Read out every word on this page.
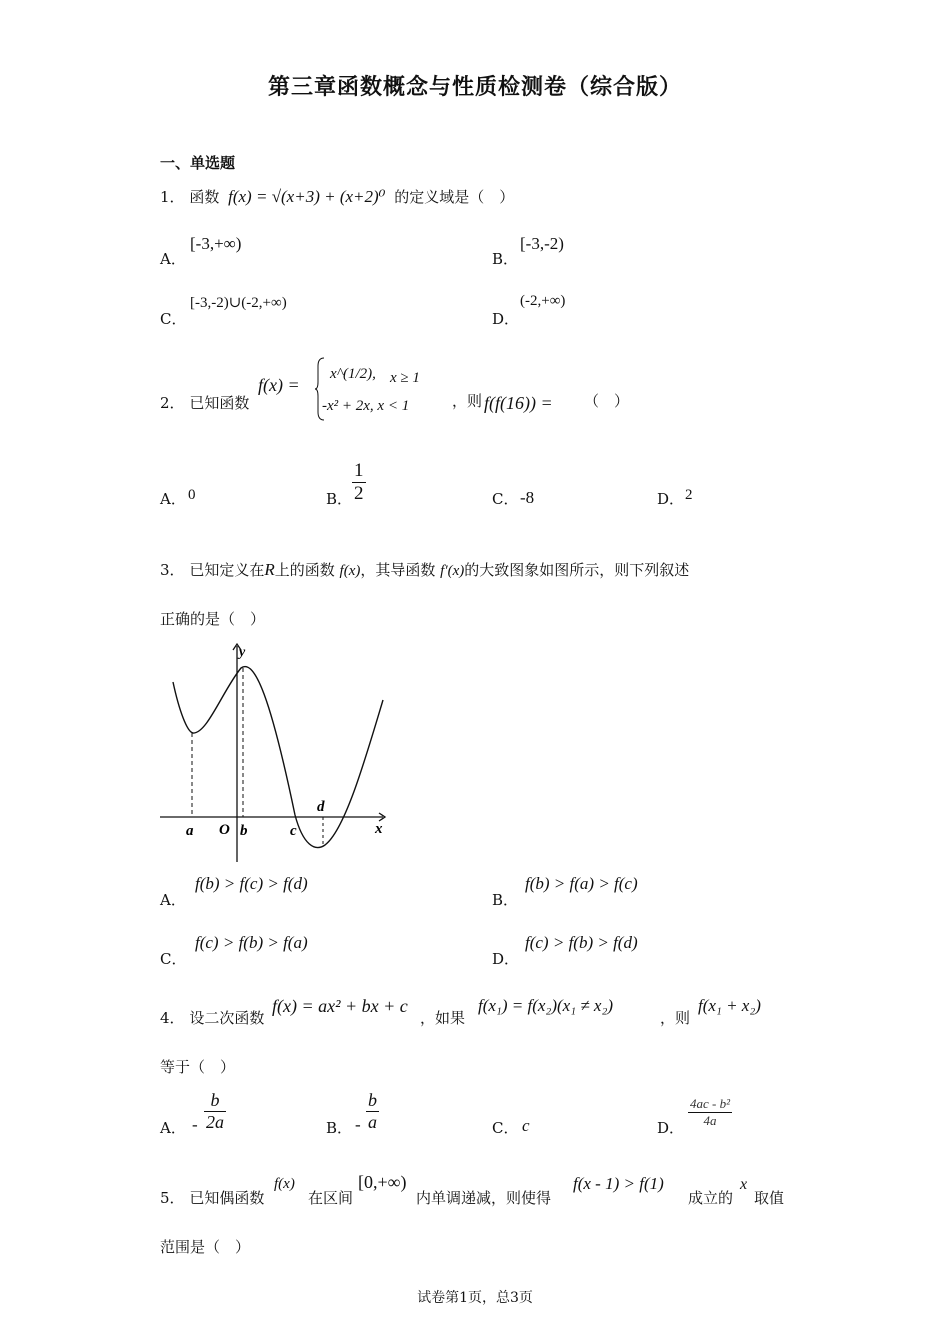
第三章函数概念与性质检测卷（综合版）
一、单选题
1． 函数 f(x) = √(x+3) + (x+2)⁰ 的定义域是（　）
A．
[-3,+∞)
B．
[-3,-2)
C．
[-3,-2)∪(-2,+∞)
D．
(-2,+∞)
2． 已知函数
f(x) =
x^(1/2), x ≥ 1
-x² + 2x, x < 1	，则 f(f(16)) = （　）
A． 0	B． $\frac{1}{2}$	C． -8	D． 2
3． 已知定义在R上的函数 f(x)，其导函数 f′(x)的大致图象如图所示，则下列叙述
正确的是（　）
y
x
O
a	b	c
d
A．
f(b) > f(c) > f(d)
B．
f(b) > f(a) > f(c)
C．
f(c) > f(b) > f(a)
D．
f(c) > f(b) > f(d)
4． 设二次函数
f(x) = ax² + bx + c
，如果
f(x₁) = f(x₂)(x₁ ≠ x₂)
，则
f(x₁ + x₂)
等于（　）
A． - $\frac{b}{2a}$	B． - $\frac{b}{a}$	C． c	D． $\frac{\text{4ac - b²}}{4a}$
5． 已知偶函数
f(x)
在区间
[0,+∞)
内单调递减，则使得
f(x - 1) > f(1)
成立的
x
取值
范围是（　）
试卷第1页，总3页
